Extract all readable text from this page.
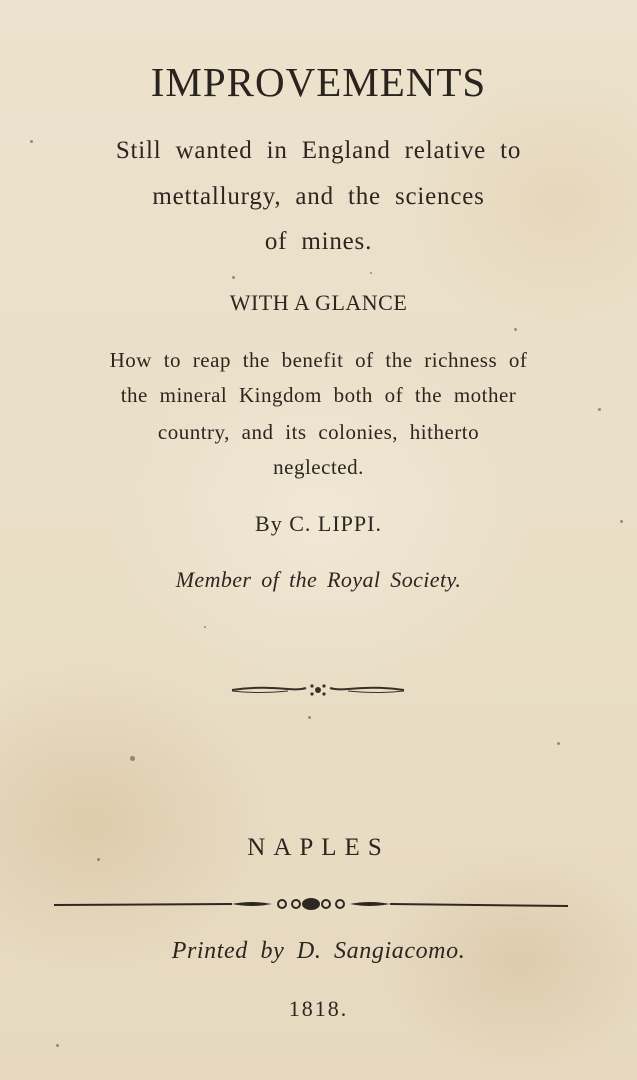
IMPROVEMENTS
Still wanted in England relative to
mettallurgy, and the sciences
of mines.
WITH A GLANCE
How to reap the benefit of the richness of
the mineral Kingdom both of the mother
country, and its colonies, hitherto
neglected.
By C. LIPPI.
Member of the Royal Society.
NAPLES
Printed by D. Sangiacomo.
1818.
